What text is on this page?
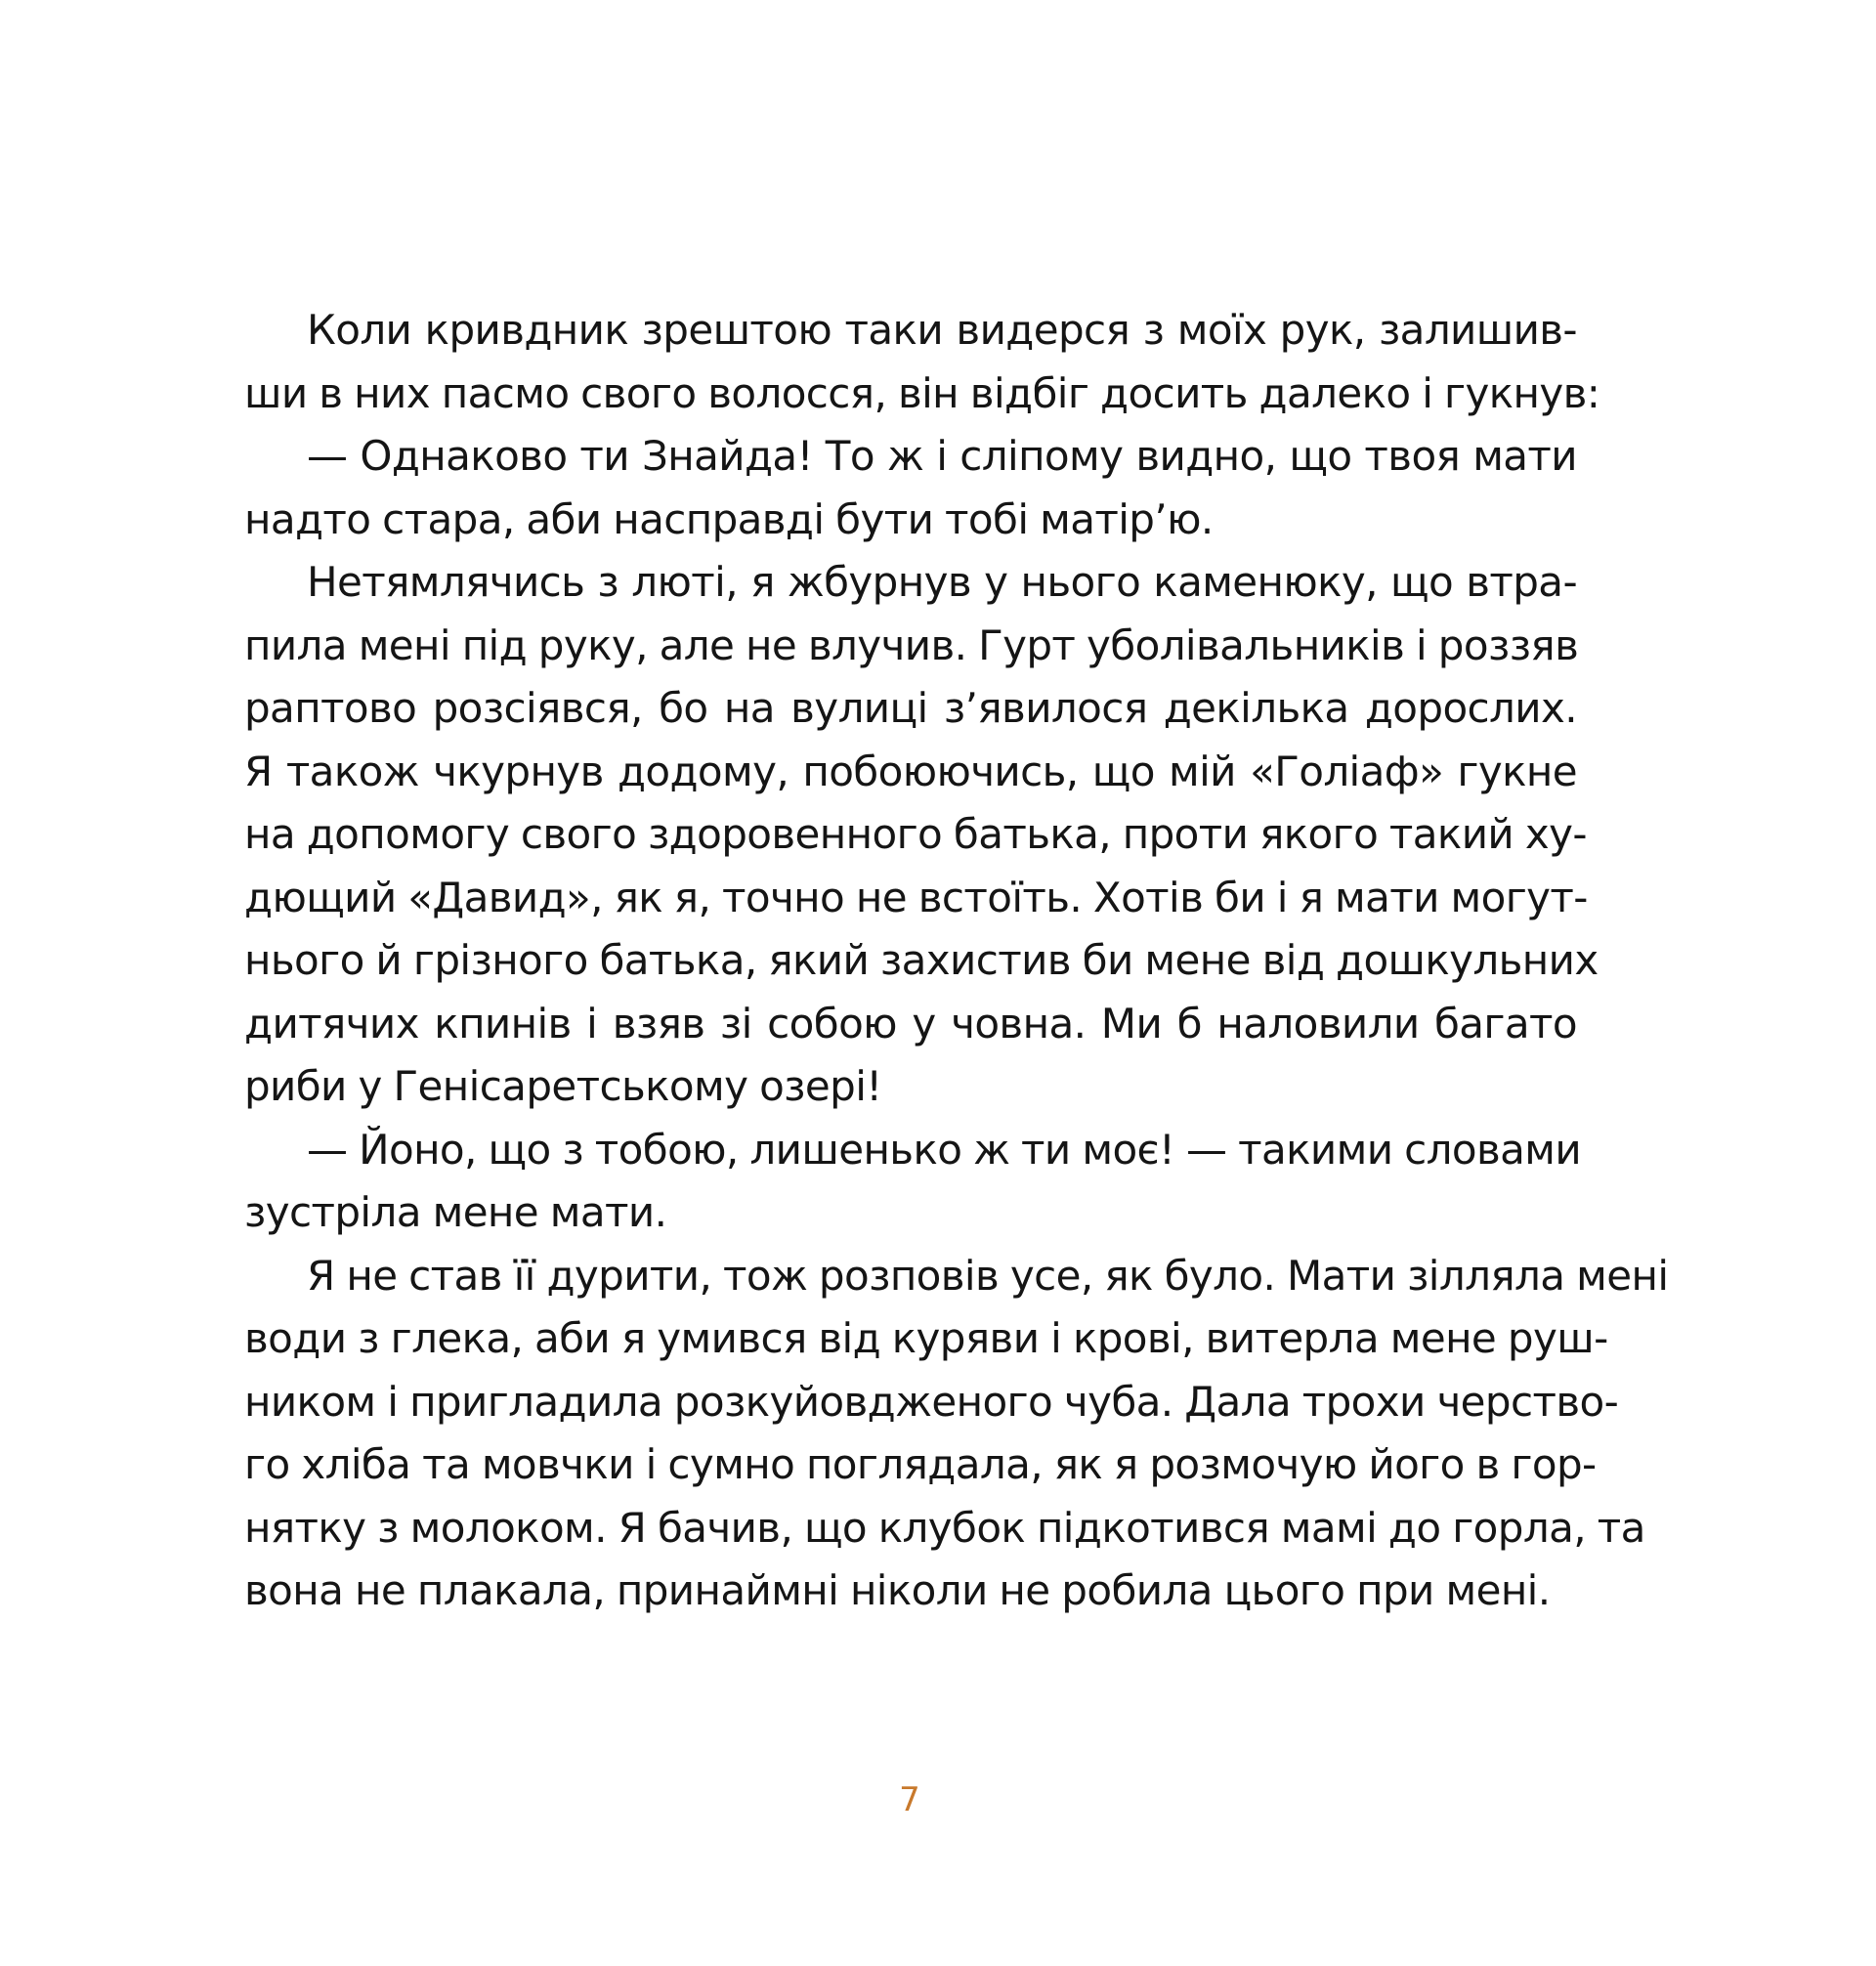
Коли кривдник зрештою таки видерся з моїх рук, залишив-
ши в них пасмо свого волосся, він відбіг досить далеко і гукнув:
— Однаково ти Знайда! То ж і сліпому видно, що твоя мати
надто стара, аби насправді бути тобі матір’ю.
Нетямлячись з люті, я жбурнув у нього каменюку, що втра-
пила мені під руку, але не влучив. Гурт уболівальників і роззяв
раптово розсіявся, бо на вулиці з’явилося декілька дорослих.
Я також чкурнув додому, побоюючись, що мій «Голіаф» гукне
на допомогу свого здоровенного батька, проти якого такий ху-
дющий «Давид», як я, точно не встоїть. Хотів би і я мати могут-
нього й грізного батька, який захистив би мене від дошкульних
дитячих кпинів і взяв зі собою у човна. Ми б наловили багато
риби у Генісаретському озері!
— Йоно, що з тобою, лишенько ж ти моє! — такими словами
зустріла мене мати.
Я не став її дурити, тож розповів усе, як було. Мати зілляла мені
води з глека, аби я умився від куряви і крові, витерла мене руш-
ником і пригладила розкуйовдженого чуба. Дала трохи черство-
го хліба та мовчки і сумно поглядала, як я розмочую його в гор-
нятку з молоком. Я бачив, що клубок підкотився мамі до горла, та
вона не плакала, принаймні ніколи не робила цього при мені.
7
